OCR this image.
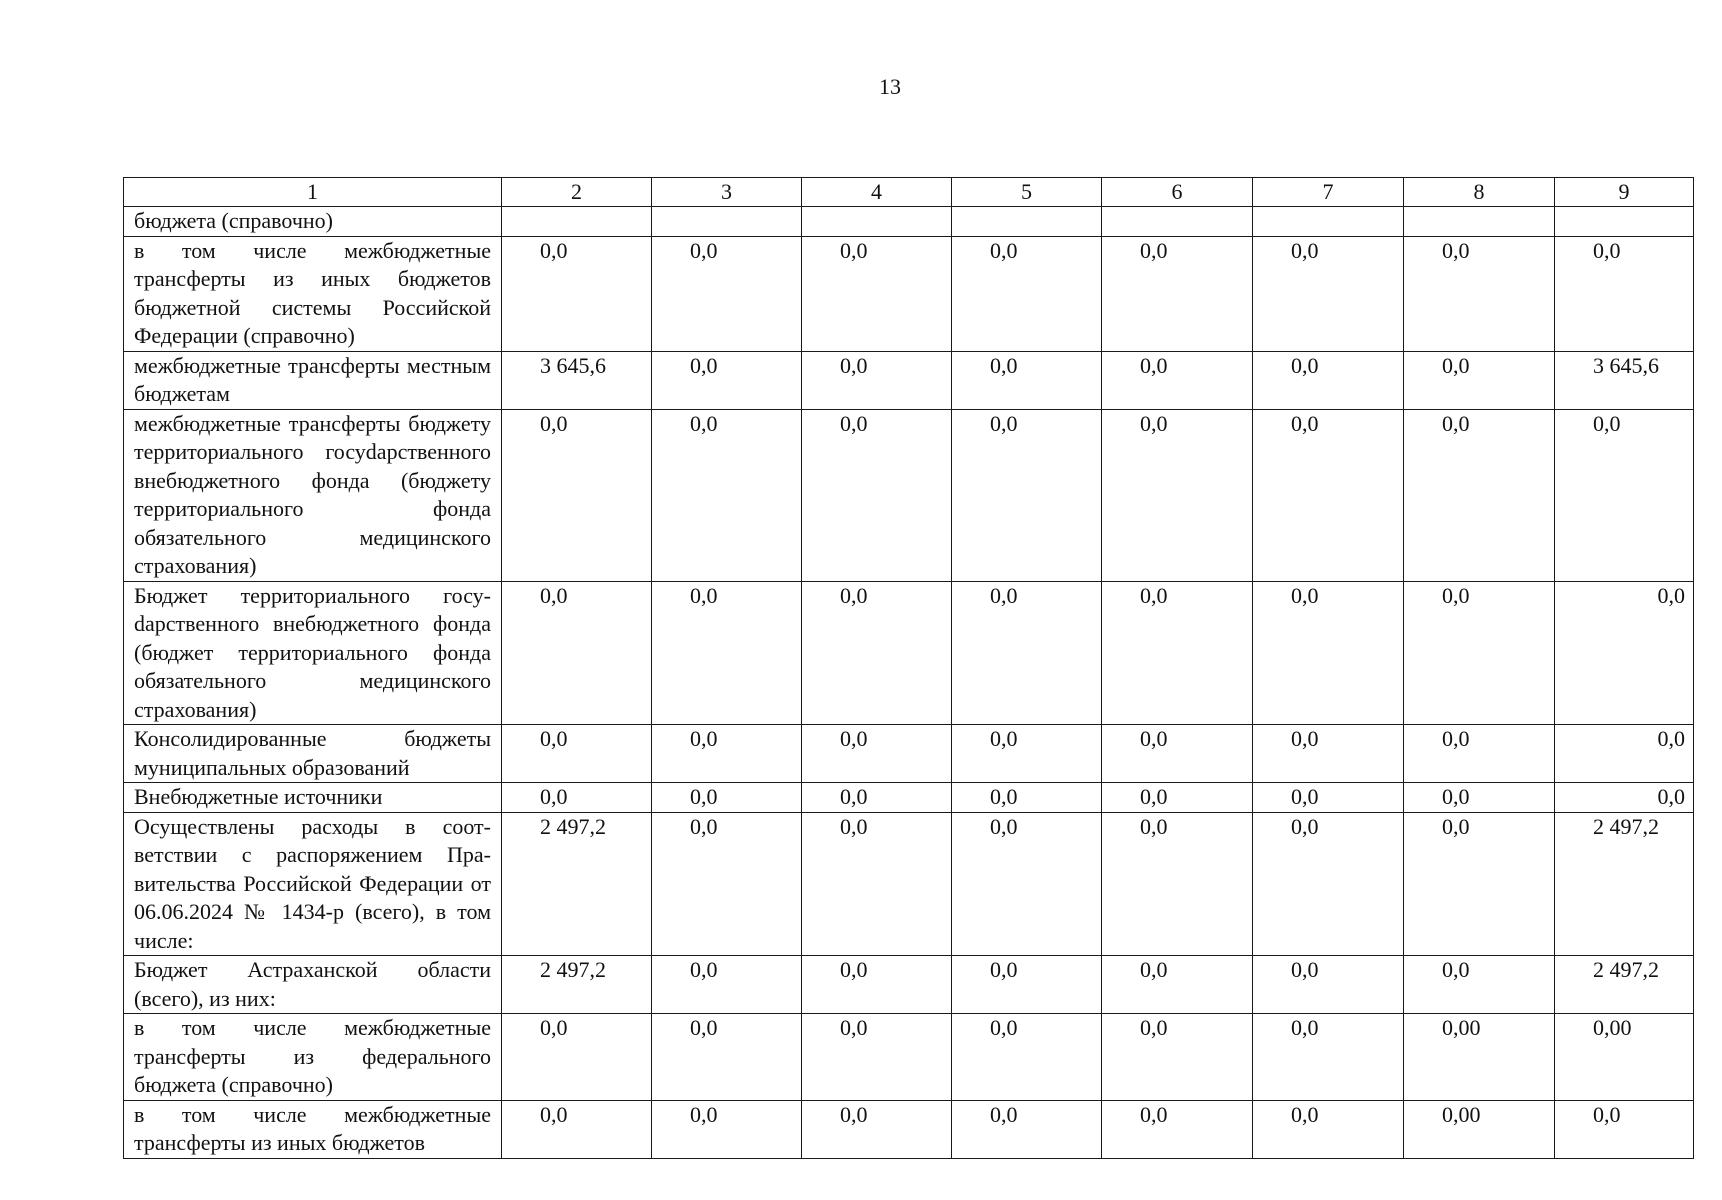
13
1	2	3	4	5	6	7	8	9
бюджета (справочно)								
в том числе межбюджетные трансферты из иных бюджетов бюджетной системы Российской Федерации (справочно)	0,0	0,0	0,0	0,0	0,0	0,0	0,0	0,0
межбюджетные трансферты местным бюджетам	3 645,6	0,0	0,0	0,0	0,0	0,0	0,0	3 645,6
межбюджетные трансферты бюджету территориального госуdарственного внебюджетного фонда (бюджету территориального фонда обязательного медицинского страхования)	0,0	0,0	0,0	0,0	0,0	0,0	0,0	0,0
Бюджет территориального госуdарственного внебюджетного фонда (бюджет территориального фонда обязательного медицинского страхования)	0,0	0,0	0,0	0,0	0,0	0,0	0,0	0,0
Консолидированные бюджеты муниципальных образований	0,0	0,0	0,0	0,0	0,0	0,0	0,0	0,0
Внебюджетные источники	0,0	0,0	0,0	0,0	0,0	0,0	0,0	0,0
Осуществлены расходы в соответствии с распоряжением Правительства Российской Федерации от 06.06.2024 № 1434-р (всего), в том числе:	2 497,2	0,0	0,0	0,0	0,0	0,0	0,0	2 497,2
Бюджет Астраханской области (всего), из них:	2 497,2	0,0	0,0	0,0	0,0	0,0	0,0	2 497,2
в том числе межбюджетные трансферты из федерального бюджета (справочно)	0,0	0,0	0,0	0,0	0,0	0,0	0,00	0,00
в том числе межбюджетные трансферты из иных бюджетов	0,0	0,0	0,0	0,0	0,0	0,0	0,00	0,0
